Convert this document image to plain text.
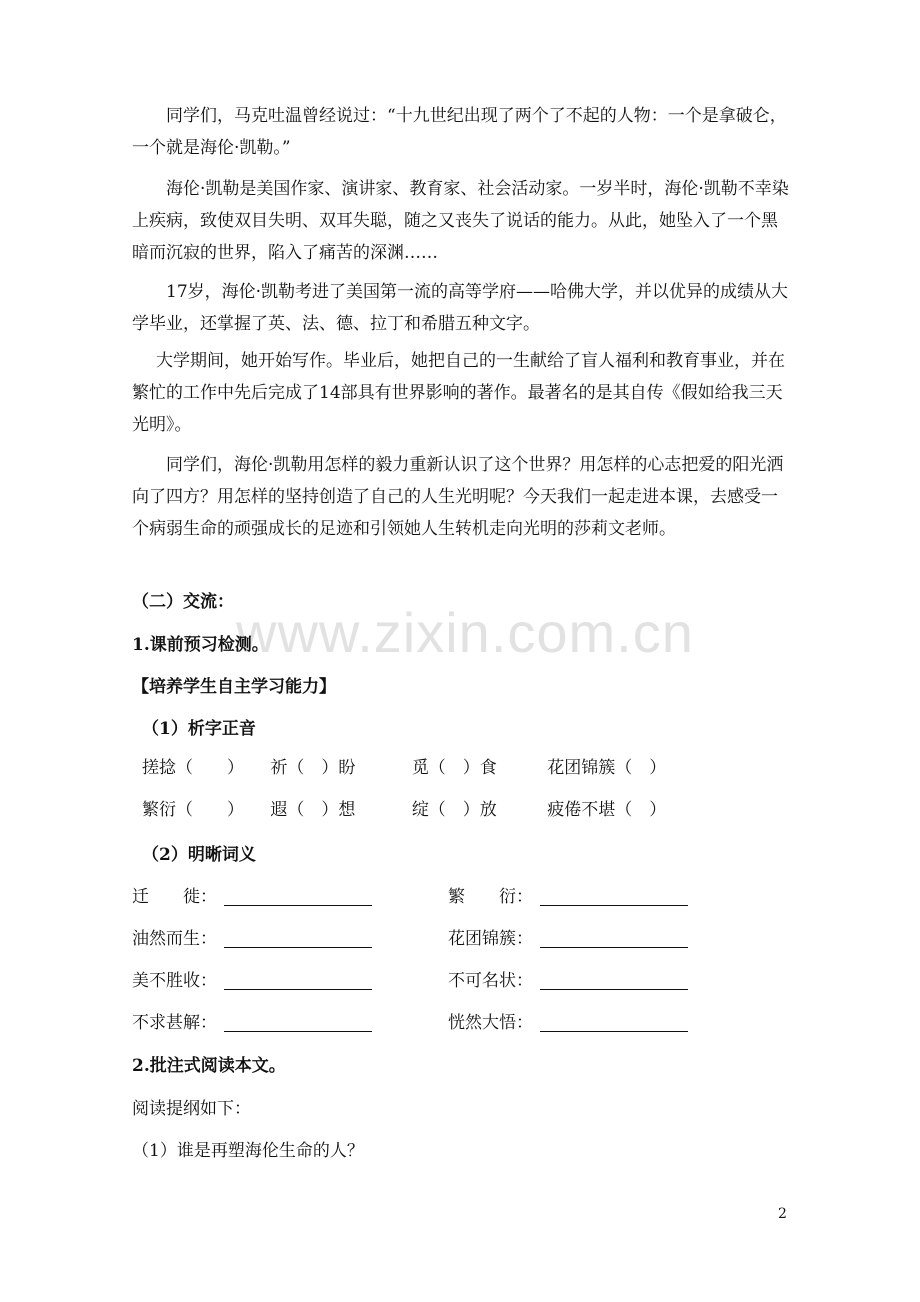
www.zixin.com.cn

同学们，马克吐温曾经说过：“十九世纪出现了两个了不起的人物：一个是拿破仑，一个就是海伦·凯勒。”

海伦·凯勒是美国作家、演讲家、教育家、社会活动家。一岁半时，海伦·凯勒不幸染上疾病，致使双目失明、双耳失聪，随之又丧失了说话的能力。从此，她坠入了一个黑暗而沉寂的世界，陷入了痛苦的深渊……

17岁，海伦·凯勒考进了美国第一流的高等学府——哈佛大学，并以优异的成绩从大学毕业，还掌握了英、法、德、拉丁和希腊五种文字。

大学期间，她开始写作。毕业后，她把自己的一生献给了盲人福利和教育事业，并在繁忙的工作中先后完成了14部具有世界影响的著作。最著名的是其自传《假如给我三天光明》。

同学们，海伦·凯勒用怎样的毅力重新认识了这个世界？用怎样的心志把爱的阳光洒向了四方？用怎样的坚持创造了自己的人生光明呢？今天我们一起走进本课，去感受一个病弱生命的顽强成长的足迹和引领她人生转机走向光明的莎莉文老师。

（二）交流：

1.课前预习检测。

【培养学生自主学习能力】

（1）析字正音

搓捻（　　） 祈（　）盼	觅（　）食	花团锦簇（　）
繁衍（　　） 遐（　）想	绽（　）放	疲倦不堪（　）

（2）明晰词义

迁　　徙：	繁　　衍：
油然而生：	花团锦簇：
美不胜收：	不可名状：
不求甚解：	恍然大悟：

2.批注式阅读本文。

阅读提纲如下：

（1）谁是再塑海伦生命的人？

2
